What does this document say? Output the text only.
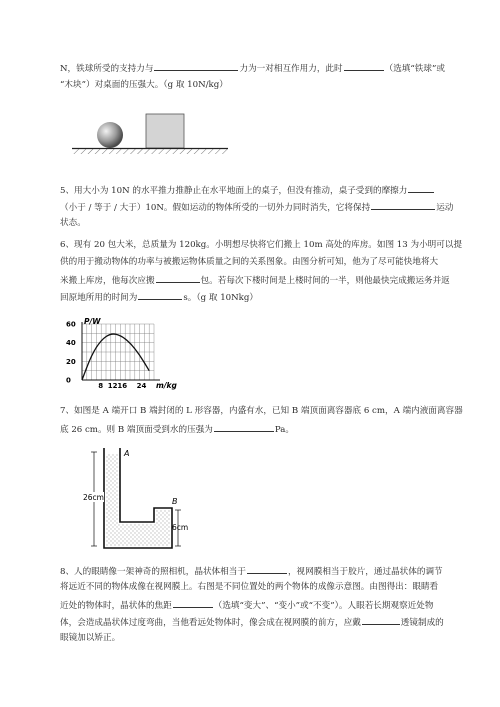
N，铁球所受的支持力与	力为一对相互作用力，此时	（选填“铁球”或
“木块”）对桌面的压强大。（g 取 10N/kg）
5、用大小为 10N 的水平推力推静止在水平地面上的桌子，但没有推动，桌子受到的摩擦力
（小于 / 等于 / 大于）10N。假如运动的物体所受的一切外力同时消失，它将保持	运动
状态。
6、现有 20 包大米，总质量为 120kg。小明想尽快将它们搬上 10m 高处的库房。如图 13 为小明可以提
供的用于搬动物体的功率与被搬运物体质量之间的关系图象。由图分析可知，他为了尽可能快地将大
米搬上库房，他每次应搬	包。若每次下楼时间是上楼时间的一半，则他最快完成搬运务并返
回原地所用的时间为	s。（g 取 10Nkg）
60
40
20
0
8 12 16 24
P/W
m/kg
7、如图是 A 端开口 B 端封闭的 L 形容器，内盛有水，已知 B 端顶面离容器底 6 cm，A 端内液面离容器
底 26 cm。则 B 端顶面受到水的压强为	Pa。
26cm
6cm
A
B
8、人的眼睛像一架神奇的照相机，晶状体相当于	，视网膜相当于胶片，通过晶状体的调节
将远近不同的物体成像在视网膜上。右图是不同位置处的两个物体的成像示意图。由图得出：眼睛看
近处的物体时，晶状体的焦距	（选填“变大”、“变小”或“不变”）。人眼若长期观察近处物
体，会造成晶状体过度弯曲，当他看远处物体时，像会成在视网膜的前方，应戴	透镜制成的
眼镜加以矫正。
